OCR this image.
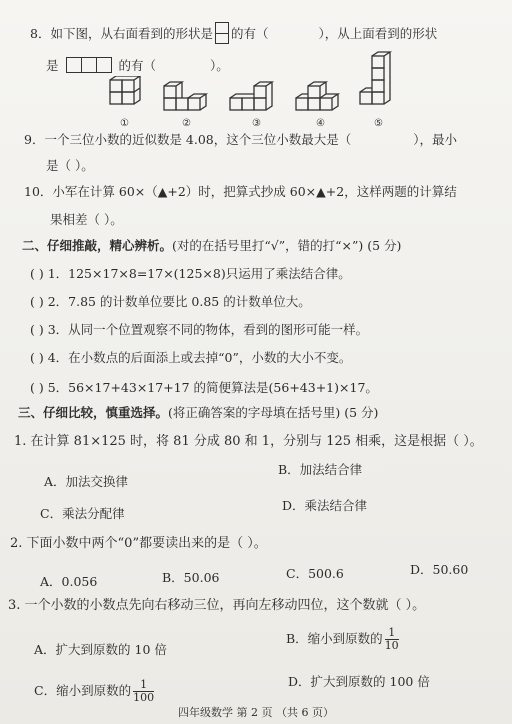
8．如下图，从右面看到的形状是 的有（	），从上面看到的形状
是	的有（	）。
①	②	③	④	⑤
9．一个三位小数的近似数是 4.08，这个三位小数最大是（	），最小
是（ ）。
10．小军在计算 60×（▲+2）时，把算式抄成 60×▲+2，这样两题的计算结
果相差（ ）。
二、仔细推敲，精心辨析。(对的在括号里打“√”，错的打“×”) (5 分)
( ) 1．125×17×8=17×(125×8)只运用了乘法结合律。
( ) 2．7.85 的计数单位要比 0.85 的计数单位大。
( ) 3．从同一个位置观察不同的物体，看到的图形可能一样。
( ) 4．在小数点的后面添上或去掉“0”，小数的大小不变。
( ) 5．56×17+43×17+17 的简便算法是(56+43+1)×17。
三、仔细比较，慎重选择。(将正确答案的字母填在括号里) (5 分)
1. 在计算 81×125 时，将 81 分成 80 和 1，分别与 125 相乘，这是根据（ ）。
A．加法交换律
B．加法结合律
C．乘法分配律
D．乘法结合律
2. 下面小数中两个“0”都要读出来的是（ ）。
A．0.056	B．50.06	C．500.6	D．50.60
3. 一个小数的小数点先向右移动三位，再向左移动四位，这个数就（ ）。
A．扩大到原数的 10 倍
B．缩小到原数的 $\frac{1}{10}$
C．缩小到原数的 $\frac{1}{100}$	D．扩大到原数的 100 倍
四年级数学 第 2 页 （共 6 页）
